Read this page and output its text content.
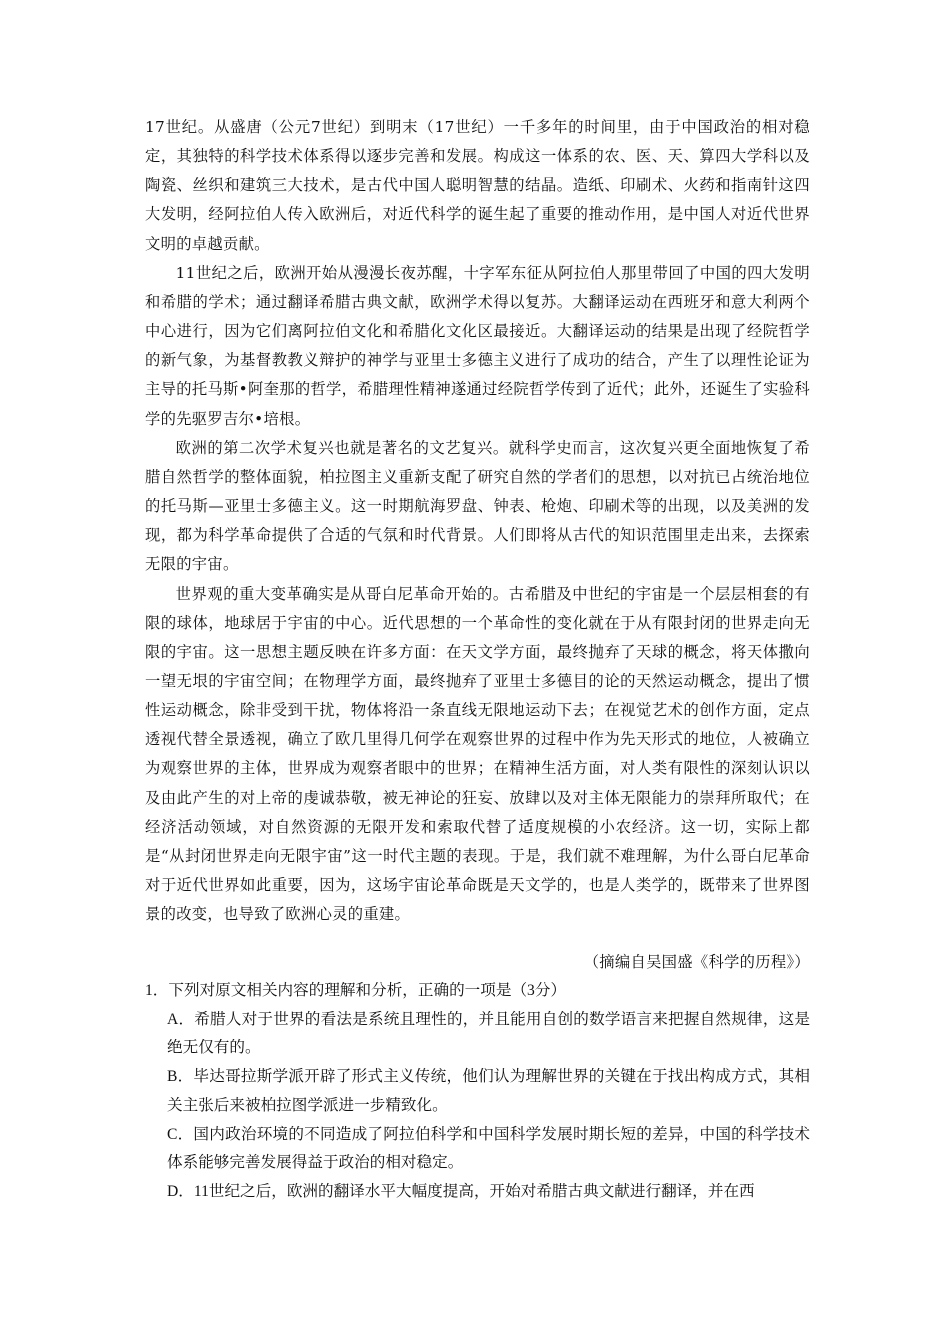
17世纪。从盛唐（公元7世纪）到明末（17世纪）一千多年的时间里，由于中国政治的相对稳定，其独特的科学技术体系得以逐步完善和发展。构成这一体系的农、医、天、算四大学科以及陶瓷、丝织和建筑三大技术，是古代中国人聪明智慧的结晶。造纸、印刷术、火药和指南针这四大发明，经阿拉伯人传入欧洲后，对近代科学的诞生起了重要的推动作用，是中国人对近代世界文明的卓越贡献。

11世纪之后，欧洲开始从漫漫长夜苏醒，十字军东征从阿拉伯人那里带回了中国的四大发明和希腊的学术；通过翻译希腊古典文献，欧洲学术得以复苏。大翻译运动在西班牙和意大利两个中心进行，因为它们离阿拉伯文化和希腊化文化区最接近。大翻译运动的结果是出现了经院哲学的新气象，为基督教教义辩护的神学与亚里士多德主义进行了成功的结合，产生了以理性论证为主导的托马斯•阿奎那的哲学，希腊理性精神遂通过经院哲学传到了近代；此外，还诞生了实验科学的先驱罗吉尔•培根。

欧洲的第二次学术复兴也就是著名的文艺复兴。就科学史而言，这次复兴更全面地恢复了希腊自然哲学的整体面貌，柏拉图主义重新支配了研究自然的学者们的思想，以对抗已占统治地位的托马斯—亚里士多德主义。这一时期航海罗盘、钟表、枪炮、印刷术等的出现，以及美洲的发现，都为科学革命提供了合适的气氛和时代背景。人们即将从古代的知识范围里走出来，去探索无限的宇宙。

世界观的重大变革确实是从哥白尼革命开始的。古希腊及中世纪的宇宙是一个层层相套的有限的球体，地球居于宇宙的中心。近代思想的一个革命性的变化就在于从有限封闭的世界走向无限的宇宙。这一思想主题反映在许多方面：在天文学方面，最终抛弃了天球的概念，将天体撒向一望无垠的宇宙空间；在物理学方面，最终抛弃了亚里士多德目的论的天然运动概念，提出了惯性运动概念，除非受到干扰，物体将沿一条直线无限地运动下去；在视觉艺术的创作方面，定点透视代替全景透视，确立了欧几里得几何学在观察世界的过程中作为先天形式的地位，人被确立为观察世界的主体，世界成为观察者眼中的世界；在精神生活方面，对人类有限性的深刻认识以及由此产生的对上帝的虔诚恭敬，被无神论的狂妄、放肆以及对主体无限能力的崇拜所取代；在经济活动领域，对自然资源的无限开发和索取代替了适度规模的小农经济。这一切，实际上都是“从封闭世界走向无限宇宙”这一时代主题的表现。于是，我们就不难理解，为什么哥白尼革命对于近代世界如此重要，因为，这场宇宙论革命既是天文学的，也是人类学的，既带来了世界图景的改变，也导致了欧洲心灵的重建。

（摘编自吴国盛《科学的历程》）

1．下列对原文相关内容的理解和分析，正确的一项是（3分）

A．希腊人对于世界的看法是系统且理性的，并且能用自创的数学语言来把握自然规律，这是绝无仅有的。

B．毕达哥拉斯学派开辟了形式主义传统，他们认为理解世界的关键在于找出构成方式，其相关主张后来被柏拉图学派进一步精致化。

C．国内政治环境的不同造成了阿拉伯科学和中国科学发展时期长短的差异，中国的科学技术体系能够完善发展得益于政治的相对稳定。

D．11世纪之后，欧洲的翻译水平大幅度提高，开始对希腊古典文献进行翻译，并在西
